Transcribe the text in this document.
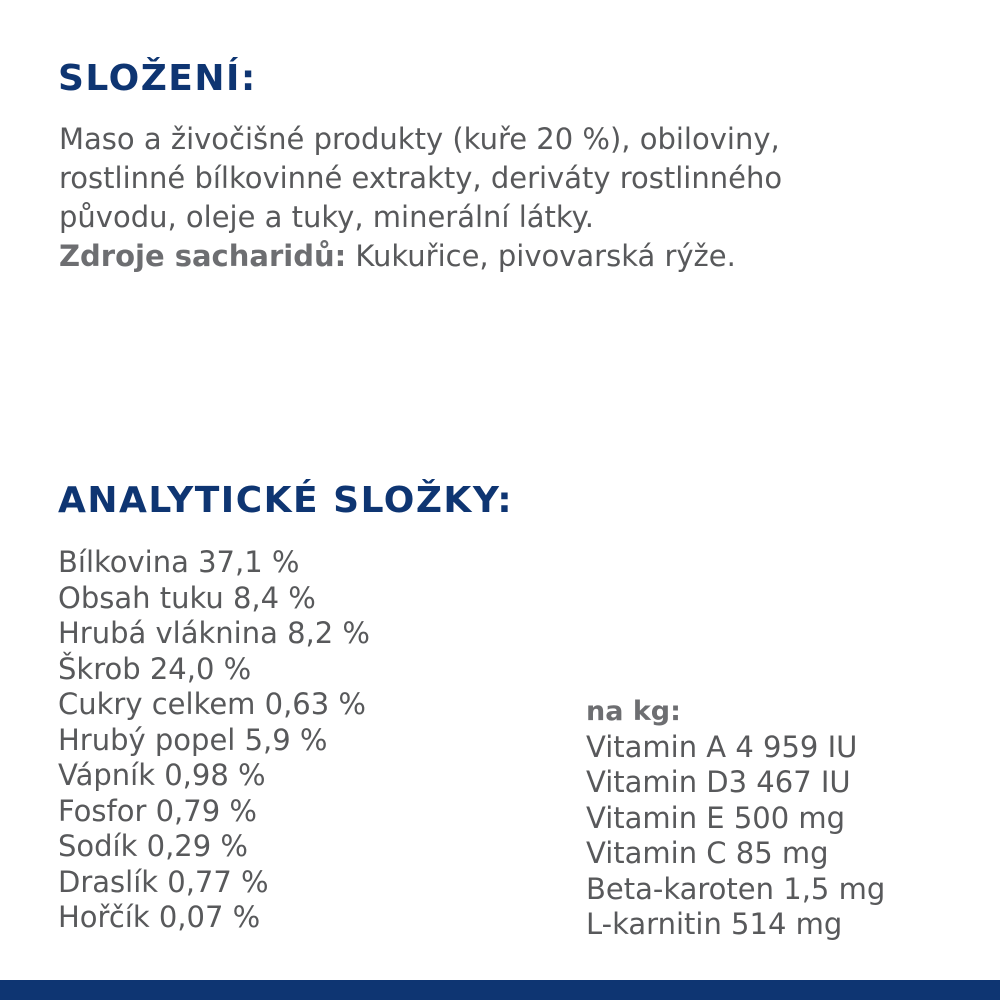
SLOŽENÍ:

Maso a živočišné produkty (kuře 20 %), obiloviny,
rostlinné bílkovinné extrakty, deriváty rostlinného
původu, oleje a tuky, minerální látky.
Zdroje sacharidů: Kukuřice, pivovarská rýže.

ANALYTICKÉ SLOŽKY:
Bílkovina 37,1 %
Obsah tuku 8,4 %
Hrubá vláknina 8,2 %
Škrob 24,0 %
Cukry celkem 0,63 %
Hrubý popel 5,9 %
Vápník 0,98 %
Fosfor 0,79 %
Sodík 0,29 %
Draslík 0,77 %
Hořčík 0,07 %
na kg:
Vitamin A 4 959 IU
Vitamin D3 467 IU
Vitamin E 500 mg
Vitamin C 85 mg
Beta-karoten 1,5 mg
L-karnitin 514 mg
